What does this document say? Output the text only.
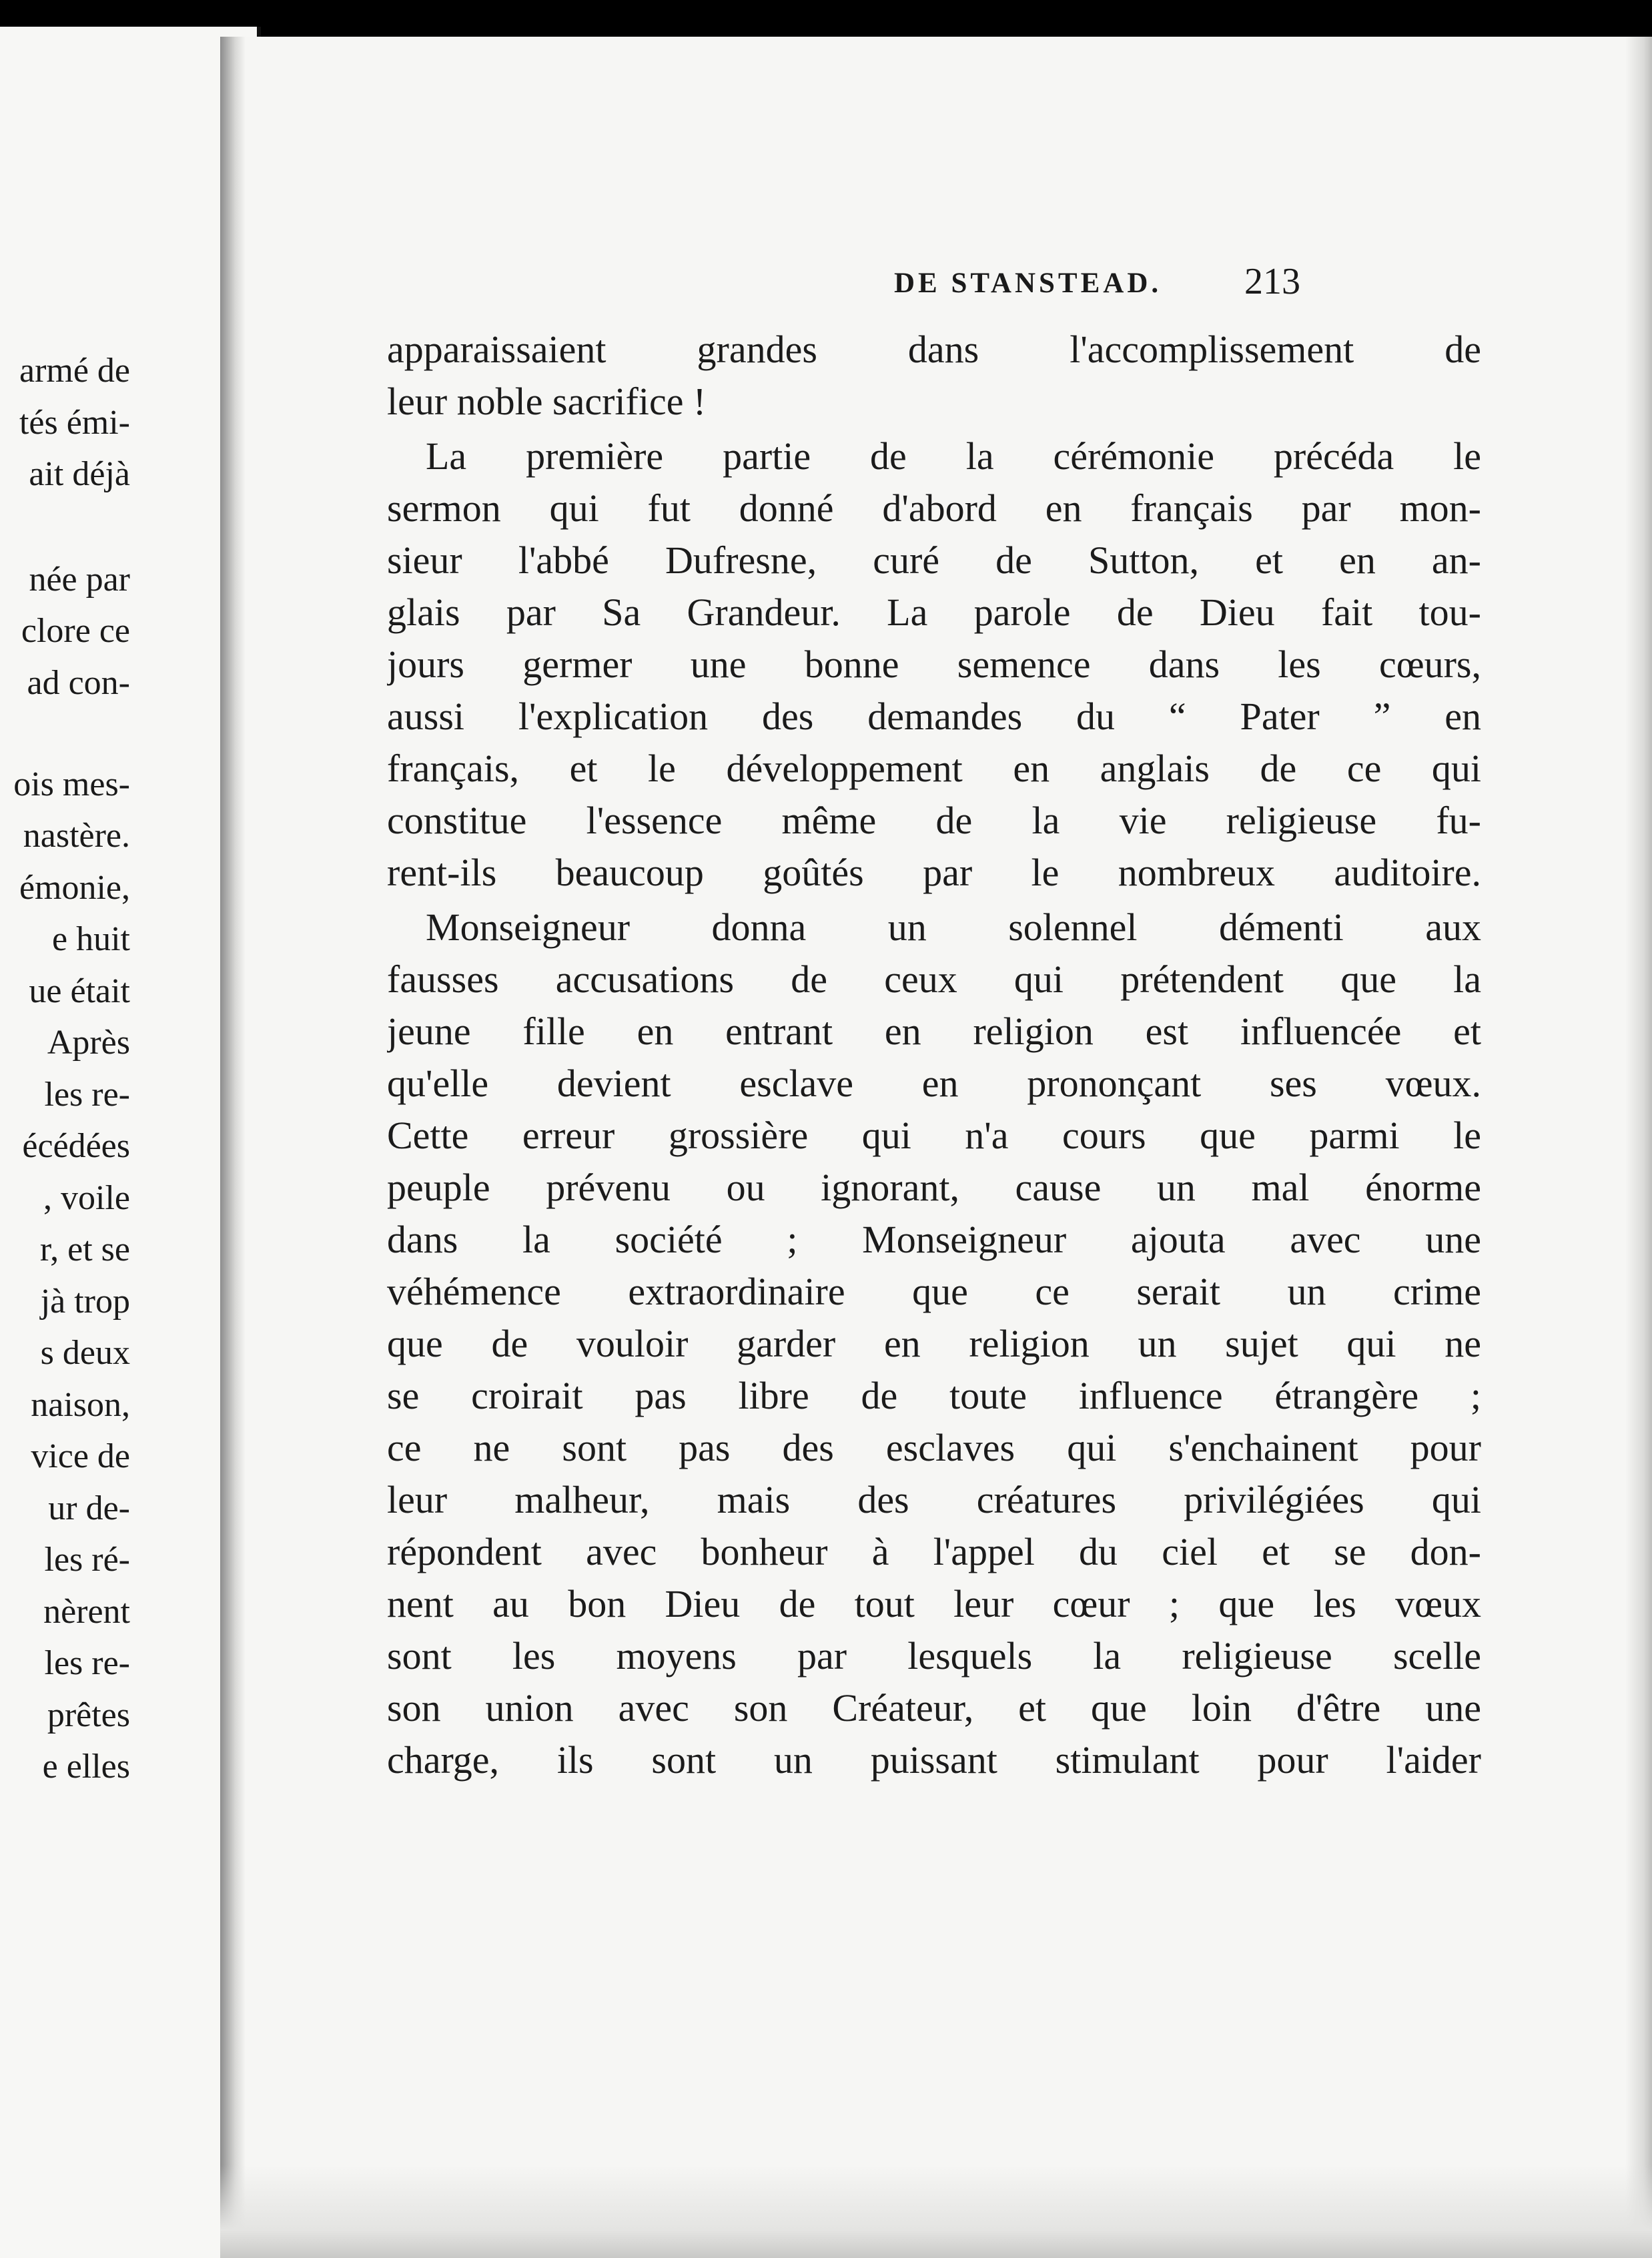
armé de
tés émi-
ait déjà
née par
clore ce
ad con-
ois mes-
nastère.
émonie,
e huit
ue était
Après
les re-
écédées
, voile
r, et se
jà trop
s deux
naison,
vice de
ur de-
les ré-
nèrent
les re-
prêtes
e elles
DE STANSTEAD. 213
apparaissaient grandes dans l'accomplissement de
leur noble sacrifice !
La première partie de la cérémonie précéda le
sermon qui fut donné d'abord en français par mon-
sieur l'abbé Dufresne, curé de Sutton, et en an-
glais par Sa Grandeur. La parole de Dieu fait tou-
jours germer une bonne semence dans les cœurs,
aussi l'explication des demandes du “ Pater ” en
français, et le développement en anglais de ce qui
constitue l'essence même de la vie religieuse fu-
rent-ils beaucoup goûtés par le nombreux auditoire.
Monseigneur donna un solennel démenti aux
fausses accusations de ceux qui prétendent que la
jeune fille en entrant en religion est influencée et
qu'elle devient esclave en prononçant ses vœux.
Cette erreur grossière qui n'a cours que parmi le
peuple prévenu ou ignorant, cause un mal énorme
dans la société ; Monseigneur ajouta avec une
véhémence extraordinaire que ce serait un crime
que de vouloir garder en religion un sujet qui ne
se croirait pas libre de toute influence étrangère ;
ce ne sont pas des esclaves qui s'enchainent pour
leur malheur, mais des créatures privilégiées qui
répondent avec bonheur à l'appel du ciel et se don-
nent au bon Dieu de tout leur cœur ; que les vœux
sont les moyens par lesquels la religieuse scelle
son union avec son Créateur, et que loin d'être une
charge, ils sont un puissant stimulant pour l'aider
